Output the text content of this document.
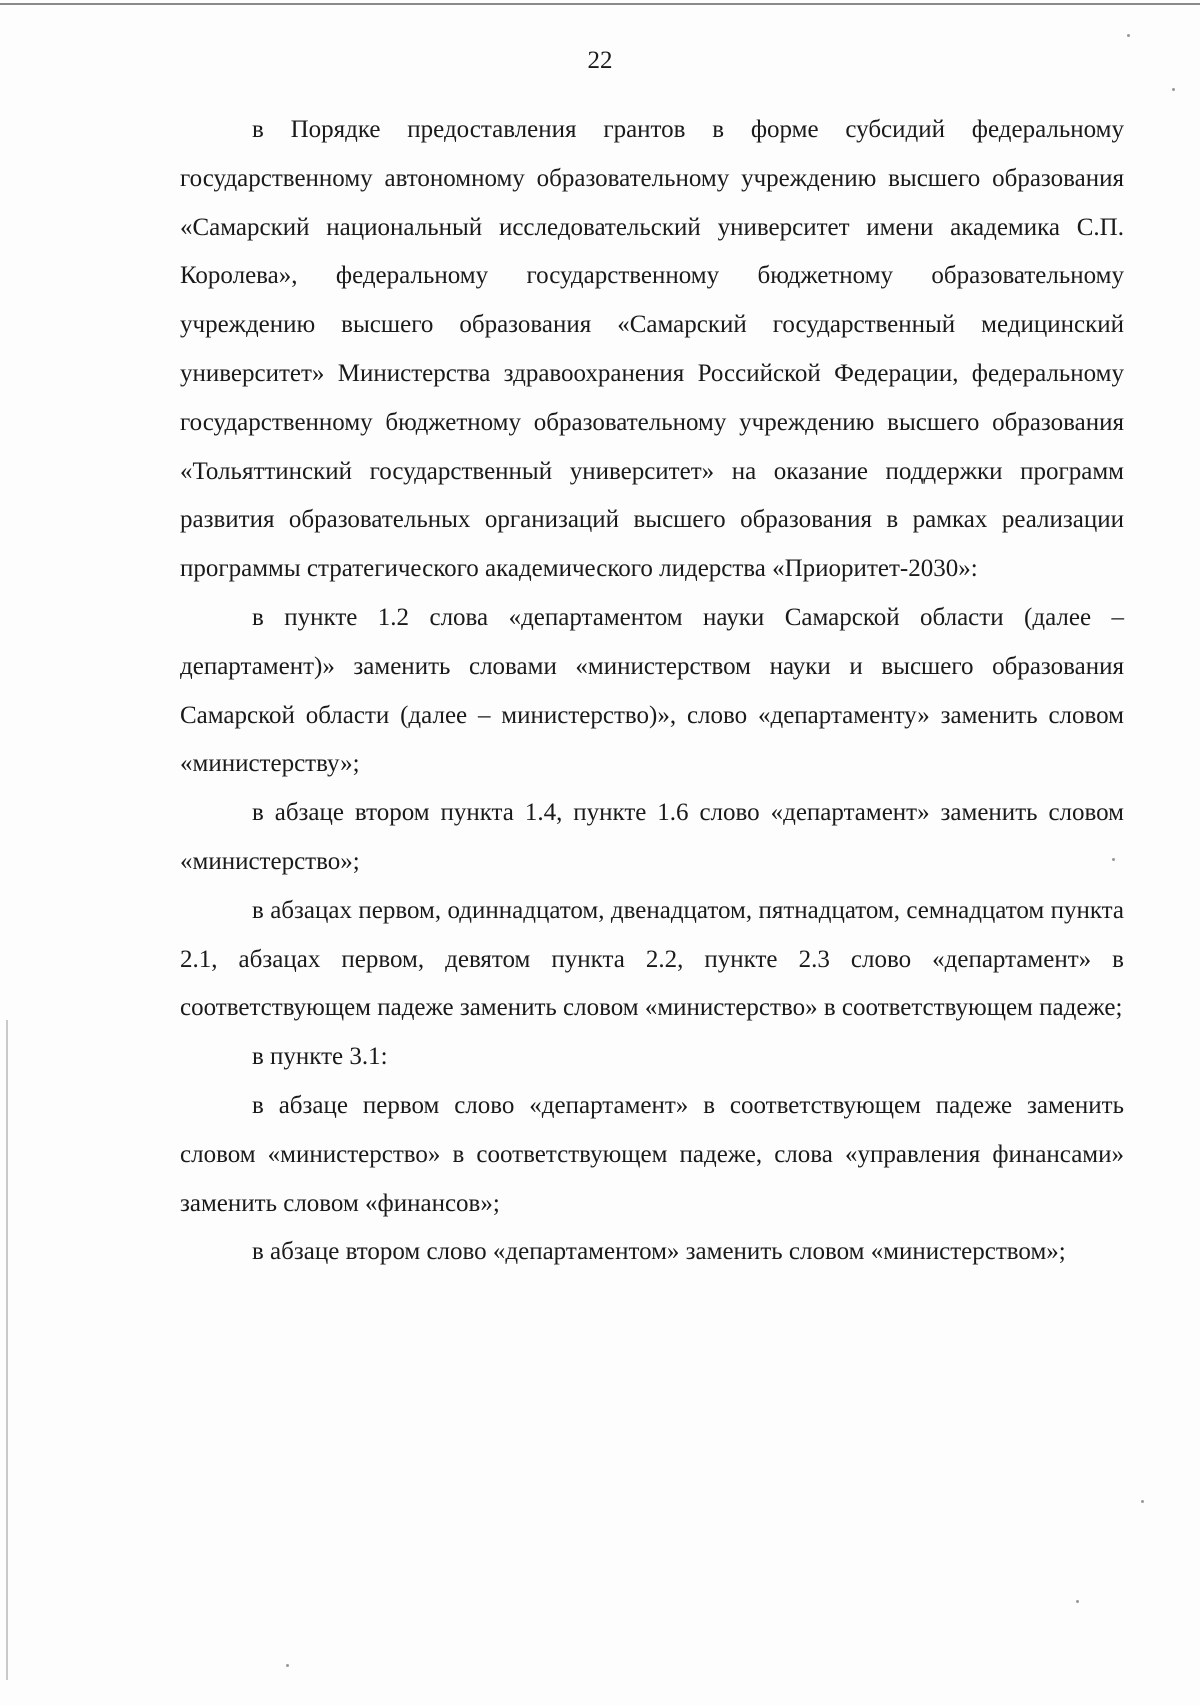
22

в Порядке предоставления грантов в форме субсидий федеральному государственному автономному образовательному учреждению высшего образования «Самарский национальный исследовательский университет имени академика С.П. Королева», федеральному государственному бюджетному образовательному учреждению высшего образования «Самарский государственный медицинский университет» Министерства здравоохранения Российской Федерации, федеральному государственному бюджетному образовательному учреждению высшего образования «Тольяттинский государственный университет» на оказание поддержки программ развития образовательных организаций высшего образования в рамках реализации программы стратегического академического лидерства «Приоритет-2030»:

в пункте 1.2 слова «департаментом науки Самарской области (далее – департамент)» заменить словами «министерством науки и высшего образования Самарской области (далее – министерство)», слово «департаменту» заменить словом «министерству»;

в абзаце втором пункта 1.4, пункте 1.6 слово «департамент» заменить словом «министерство»;

в абзацах первом, одиннадцатом, двенадцатом, пятнадцатом, семнадцатом пункта 2.1, абзацах первом, девятом пункта 2.2, пункте 2.3 слово «департамент» в соответствующем падеже заменить словом «министерство» в соответствующем падеже;

в пункте 3.1:

в абзаце первом слово «департамент» в соответствующем падеже заменить словом «министерство» в соответствующем падеже, слова «управления финансами» заменить словом «финансов»;

в абзаце втором слово «департаментом» заменить словом «министерством»;
